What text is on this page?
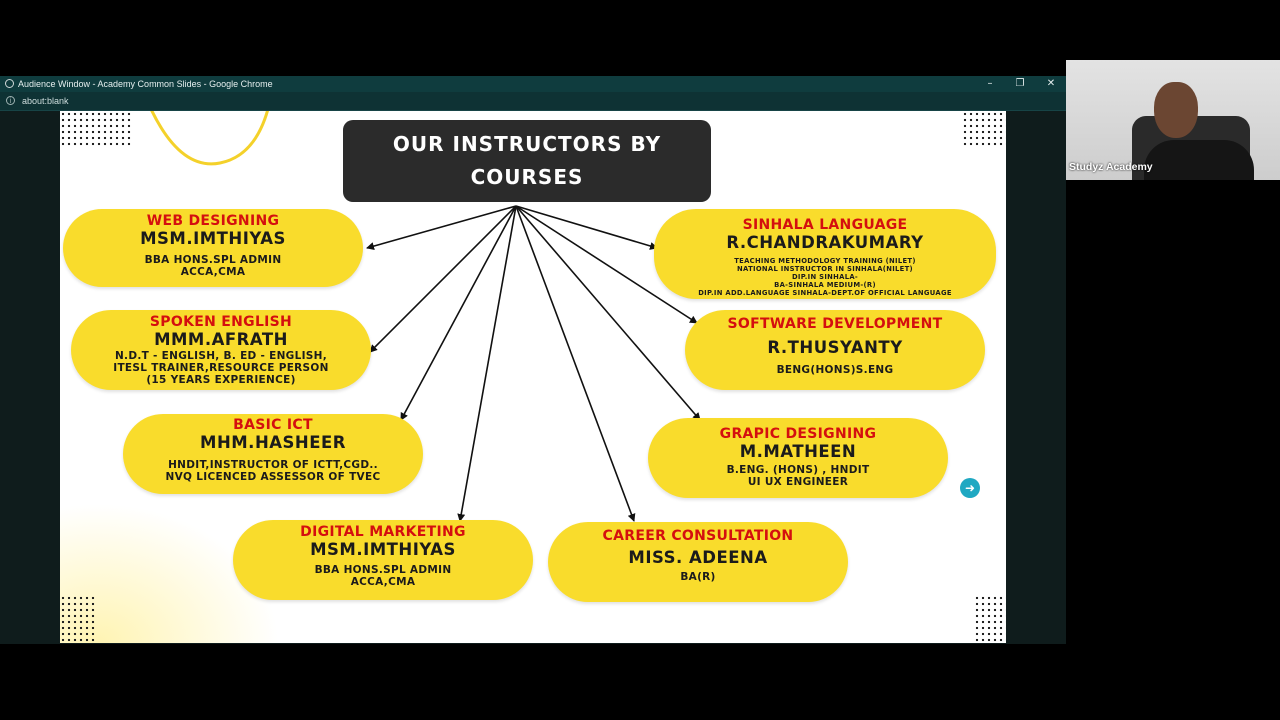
Audience Window - Academy Common Slides - Google Chrome	–	❐	✕
i	about:blank
OUR INSTRUCTORS BY COURSES
WEB DESIGNING
MSM.IMTHIYAS
BBA HONS.SPL ADMIN
ACCA,CMA
SPOKEN ENGLISH
MMM.AFRATH
N.D.T - ENGLISH, B. ED - ENGLISH,
ITESL TRAINER,RESOURCE PERSON
(15 YEARS EXPERIENCE)
BASIC ICT
MHM.HASHEER
HNDIT,INSTRUCTOR OF ICTT,CGD..
NVQ LICENCED ASSESSOR OF TVEC
DIGITAL MARKETING
MSM.IMTHIYAS
BBA HONS.SPL ADMIN
ACCA,CMA
SINHALA LANGUAGE
R.CHANDRAKUMARY
TEACHING METHODOLOGY TRAINING (NILET)
NATIONAL INSTRUCTOR IN SINHALA(NILET)
DIP.IN SINHALA-
BA-SINHALA MEDIUM-(R)
DIP.IN ADD.LANGUAGE SINHALA-DEPT.OF OFFICIAL LANGUAGE
SOFTWARE DEVELOPMENT
R.THUSYANTY
BENG(HONS)S.ENG
GRAPIC DESIGNING
M.MATHEEN
B.ENG. (HONS) , HNDIT
UI UX ENGINEER
CAREER CONSULTATION
MISS. ADEENA
BA(R)
➜
Studyz Academy
